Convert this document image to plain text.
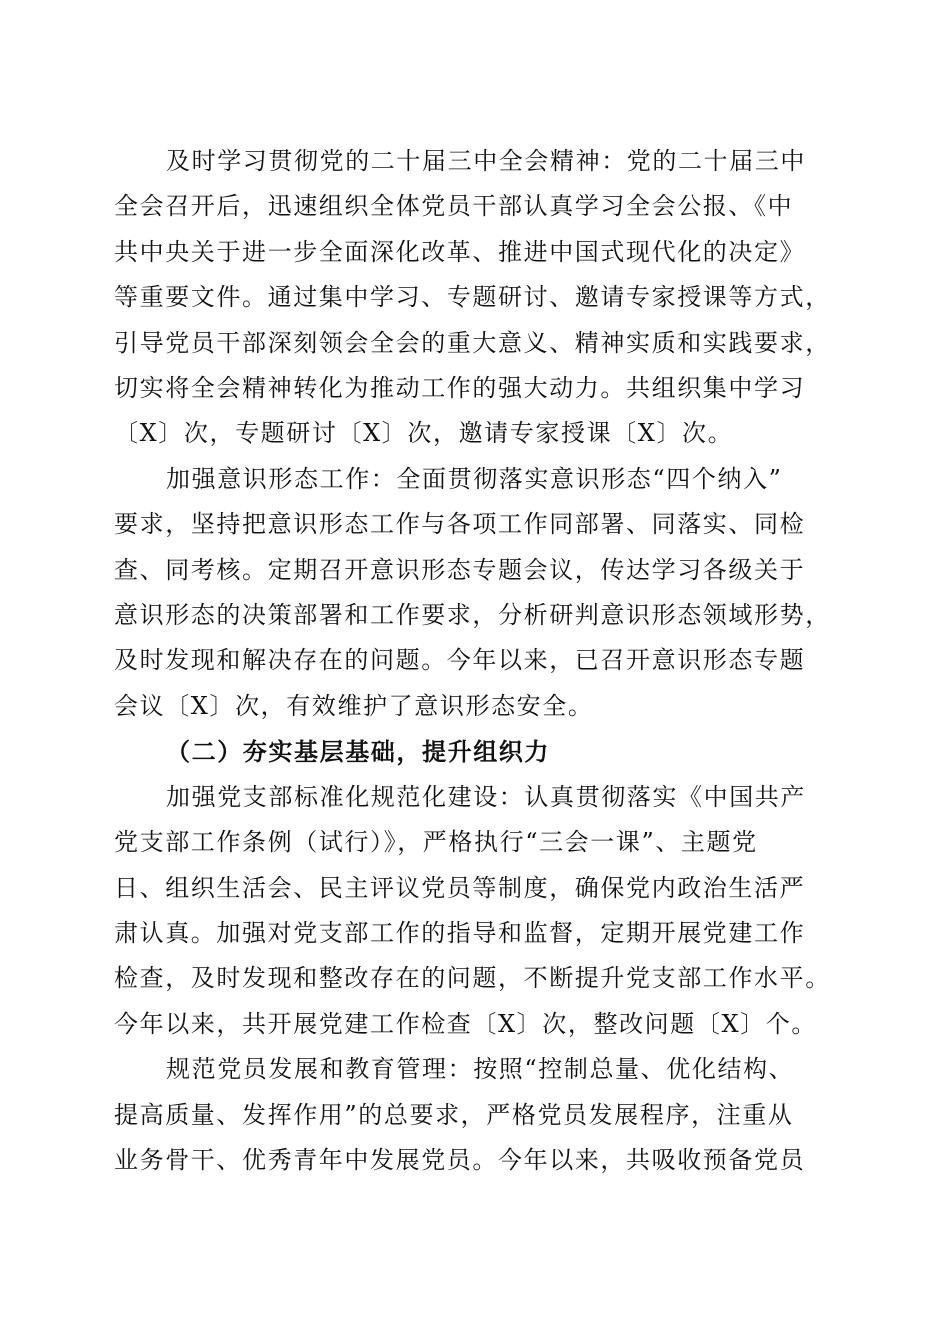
及时学习贯彻党的二十届三中全会精神：党的二十届三中
全会召开后，迅速组织全体党员干部认真学习全会公报、《中
共中央关于进一步全面深化改革、推进中国式现代化的决定》
等重要文件。通过集中学习、专题研讨、邀请专家授课等方式，
引导党员干部深刻领会全会的重大意义、精神实质和实践要求，
切实将全会精神转化为推动工作的强大动力。共组织集中学习
〔X〕次，专题研讨〔X〕次，邀请专家授课〔X〕次。
加强意识形态工作：全面贯彻落实意识形态“四个纳入”
要求，坚持把意识形态工作与各项工作同部署、同落实、同检
查、同考核。定期召开意识形态专题会议，传达学习各级关于
意识形态的决策部署和工作要求，分析研判意识形态领域形势，
及时发现和解决存在的问题。今年以来，已召开意识形态专题
会议〔X〕次，有效维护了意识形态安全。
（二）夯实基层基础，提升组织力
加强党支部标准化规范化建设：认真贯彻落实《中国共产
党支部工作条例（试行）》，严格执行“三会一课”、主题党
日、组织生活会、民主评议党员等制度，确保党内政治生活严
肃认真。加强对党支部工作的指导和监督，定期开展党建工作
检查，及时发现和整改存在的问题，不断提升党支部工作水平。
今年以来，共开展党建工作检查〔X〕次，整改问题〔X〕个。
规范党员发展和教育管理：按照“控制总量、优化结构、
提高质量、发挥作用”的总要求，严格党员发展程序，注重从
业务骨干、优秀青年中发展党员。今年以来，共吸收预备党员
